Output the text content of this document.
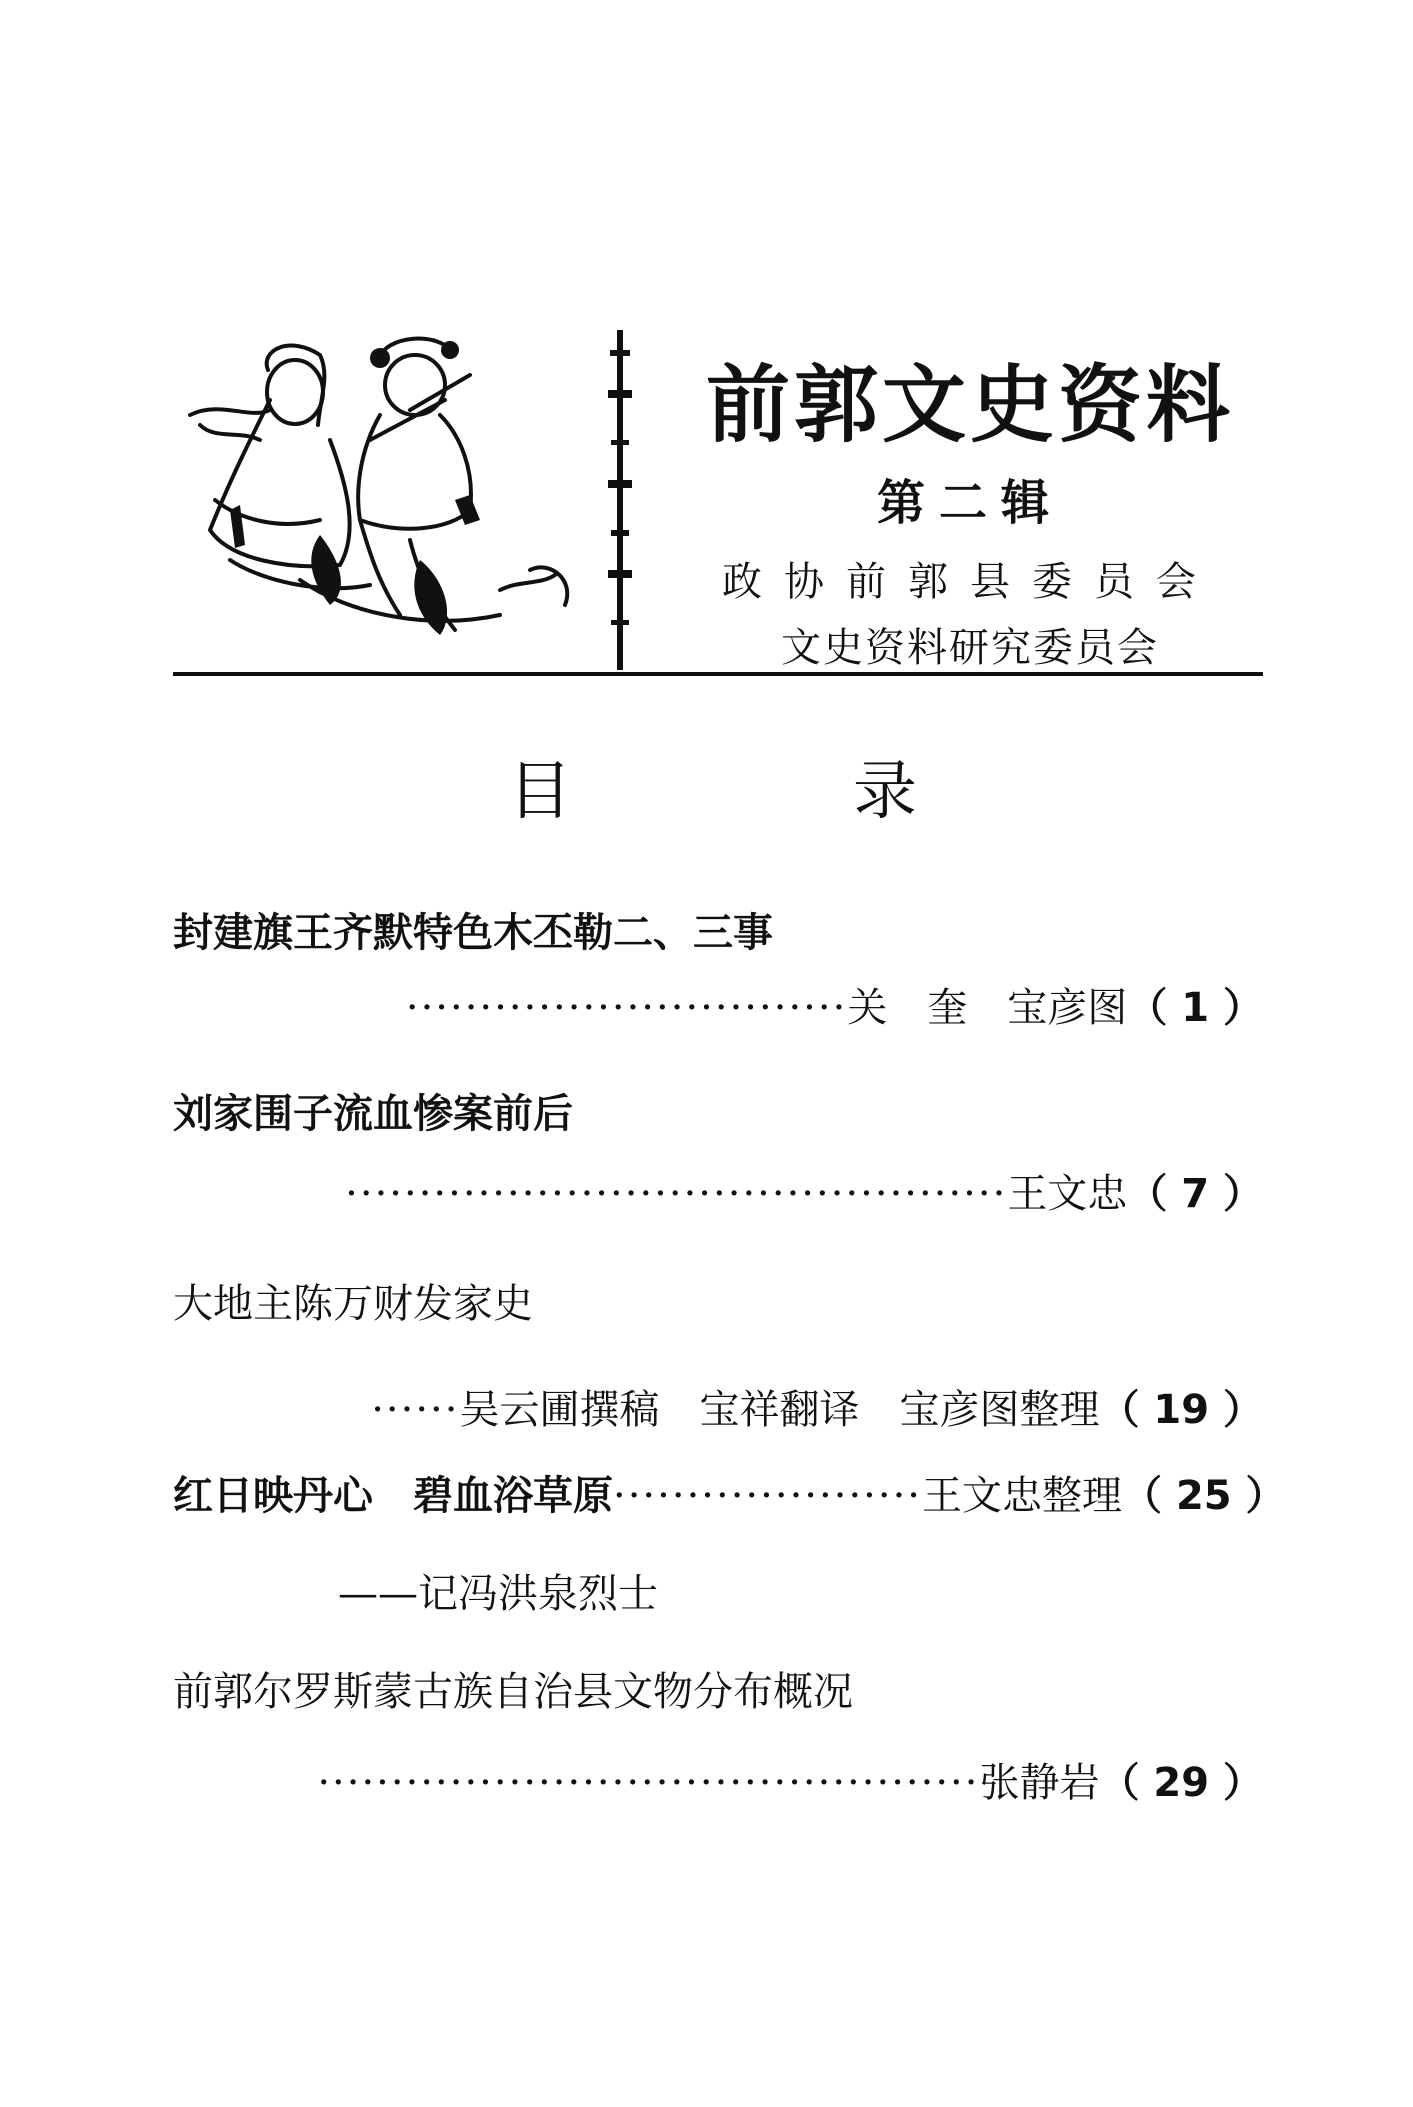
前郭文史资料
第二辑
政协前郭县委员会
文史资料研究委员会
目	录
封建旗王齐默特色木丕勒二、三事
······························关　奎　宝彦图（ 1 ）
刘家围子流血惨案前后
·············································王文忠（ 7 ）
大地主陈万财发家史
······吴云圃撰稿　宝祥翻译　宝彦图整理（ 19 ）
红日映丹心　碧血浴草原·····················王文忠整理（ 25 ）
——记冯洪泉烈士
前郭尔罗斯蒙古族自治县文物分布概况
·············································张静岩（ 29 ）
